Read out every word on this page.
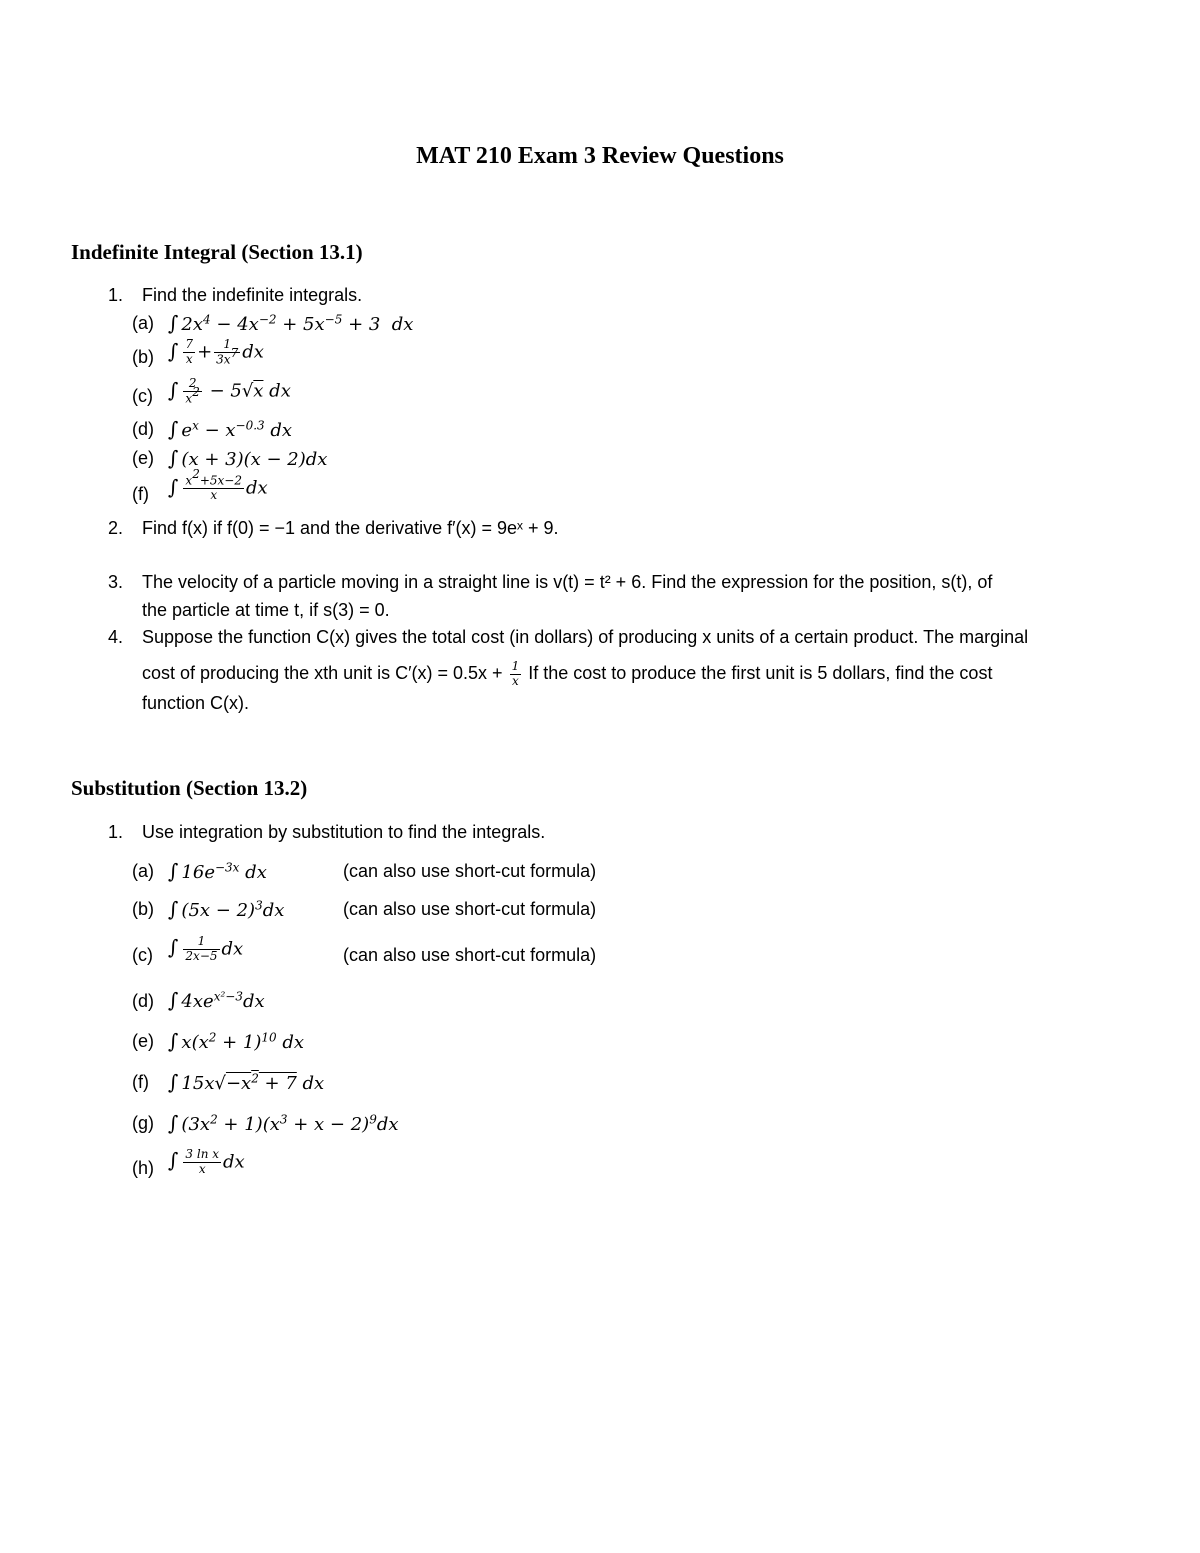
MAT 210 Exam 3 Review Questions
Indefinite Integral (Section 13.1)
1. Find the indefinite integrals.
(a) ∫ $2x^4 - 4x^{-2} + 5x^{-5} + 3$  dx
(b) ∫ $\frac{7}{x} + \frac{1}{3x^7}$ dx
(c) ∫ $\frac{2}{x^2} - 5√x$ dx
(d) ∫ $e^x - x^{-0.3}$ dx
(e) ∫ (x + 3)(x − 2)dx
(f) ∫ $\frac{x^2+5x-2}{x}$ dx
2. Find f(x) if f(0) = −1 and the derivative f′(x) = 9eˣ + 9.
3. The velocity of a particle moving in a straight line is v(t) = t² + 6. Find the expression for the position, s(t), of
the particle at time t, if s(3) = 0.
4. Suppose the function C(x) gives the total cost (in dollars) of producing x units of a certain product. The marginal
cost of producing the xth unit is $C'(x) = 0.5x + \frac{1}{x}$ If the cost to produce the first unit is 5 dollars, find the cost
function C(x).
Substitution (Section 13.2)
1. Use integration by substitution to find the integrals.
(a) ∫ $16e^{-3x}$ dx	(can also use short-cut formula)
(b) ∫ $(5x - 2)^3dx$	(can also use short-cut formula)
(c) ∫ $\frac{1}{2x-5}$ dx	(can also use short-cut formula)
(d) ∫ $4xe^{x^2-3}dx$
(e) ∫ $x(x^2 + 1)^{10}$ dx
(f) ∫ $15x√-x^2 + 7$ dx
(g) ∫ $(3x^2 + 1)(x^3 + x - 2)^9dx$
(h) ∫ $\frac{\text{3 ln x}}{x}$ dx
